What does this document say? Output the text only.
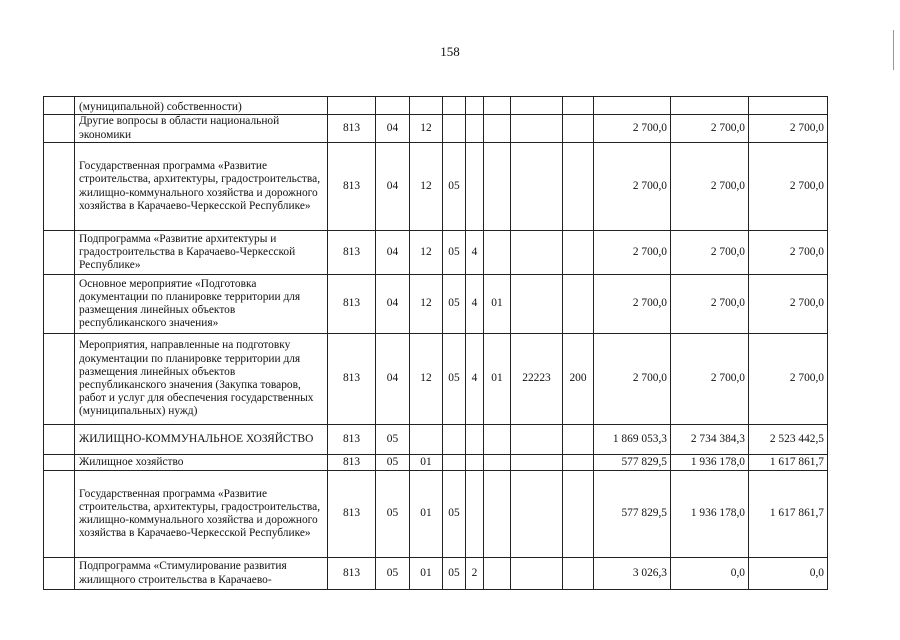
158
	(муниципальной) собственности)											
	Другие вопросы в области национальной экономики	813	04	12						2 700,0	2 700,0	2 700,0
	Государственная программа «Развитие строительства, архитектуры, градостроительства, жилищно-коммунального хозяйства и дорожного хозяйства в Карачаево-Черкесской Республике»	813	04	12	05					2 700,0	2 700,0	2 700,0
	Подпрограмма «Развитие архитектуры и градостроительства в Карачаево-Черкесской Республике»	813	04	12	05	4				2 700,0	2 700,0	2 700,0
	Основное мероприятие «Подготовка документации по планировке территории для размещения линейных объектов республиканского значения»	813	04	12	05	4	01			2 700,0	2 700,0	2 700,0
	Мероприятия, направленные на подготовку документации по планировке территории для размещения линейных объектов республиканского значения (Закупка товаров, работ и услуг для обеспечения государственных (муниципальных) нужд)	813	04	12	05	4	01	22223	200	2 700,0	2 700,0	2 700,0
	ЖИЛИЩНО-КОММУНАЛЬНОЕ ХОЗЯЙСТВО	813	05							1 869 053,3	2 734 384,3	2 523 442,5
	Жилищное хозяйство	813	05	01						577 829,5	1 936 178,0	1 617 861,7
	Государственная программа «Развитие строительства, архитектуры, градостроительства, жилищно-коммунального хозяйства и дорожного хозяйства в Карачаево-Черкесской Республике»	813	05	01	05					577 829,5	1 936 178,0	1 617 861,7
	Подпрограмма «Стимулирование развития жилищного строительства в Карачаево-	813	05	01	05	2				3 026,3	0,0	0,0
